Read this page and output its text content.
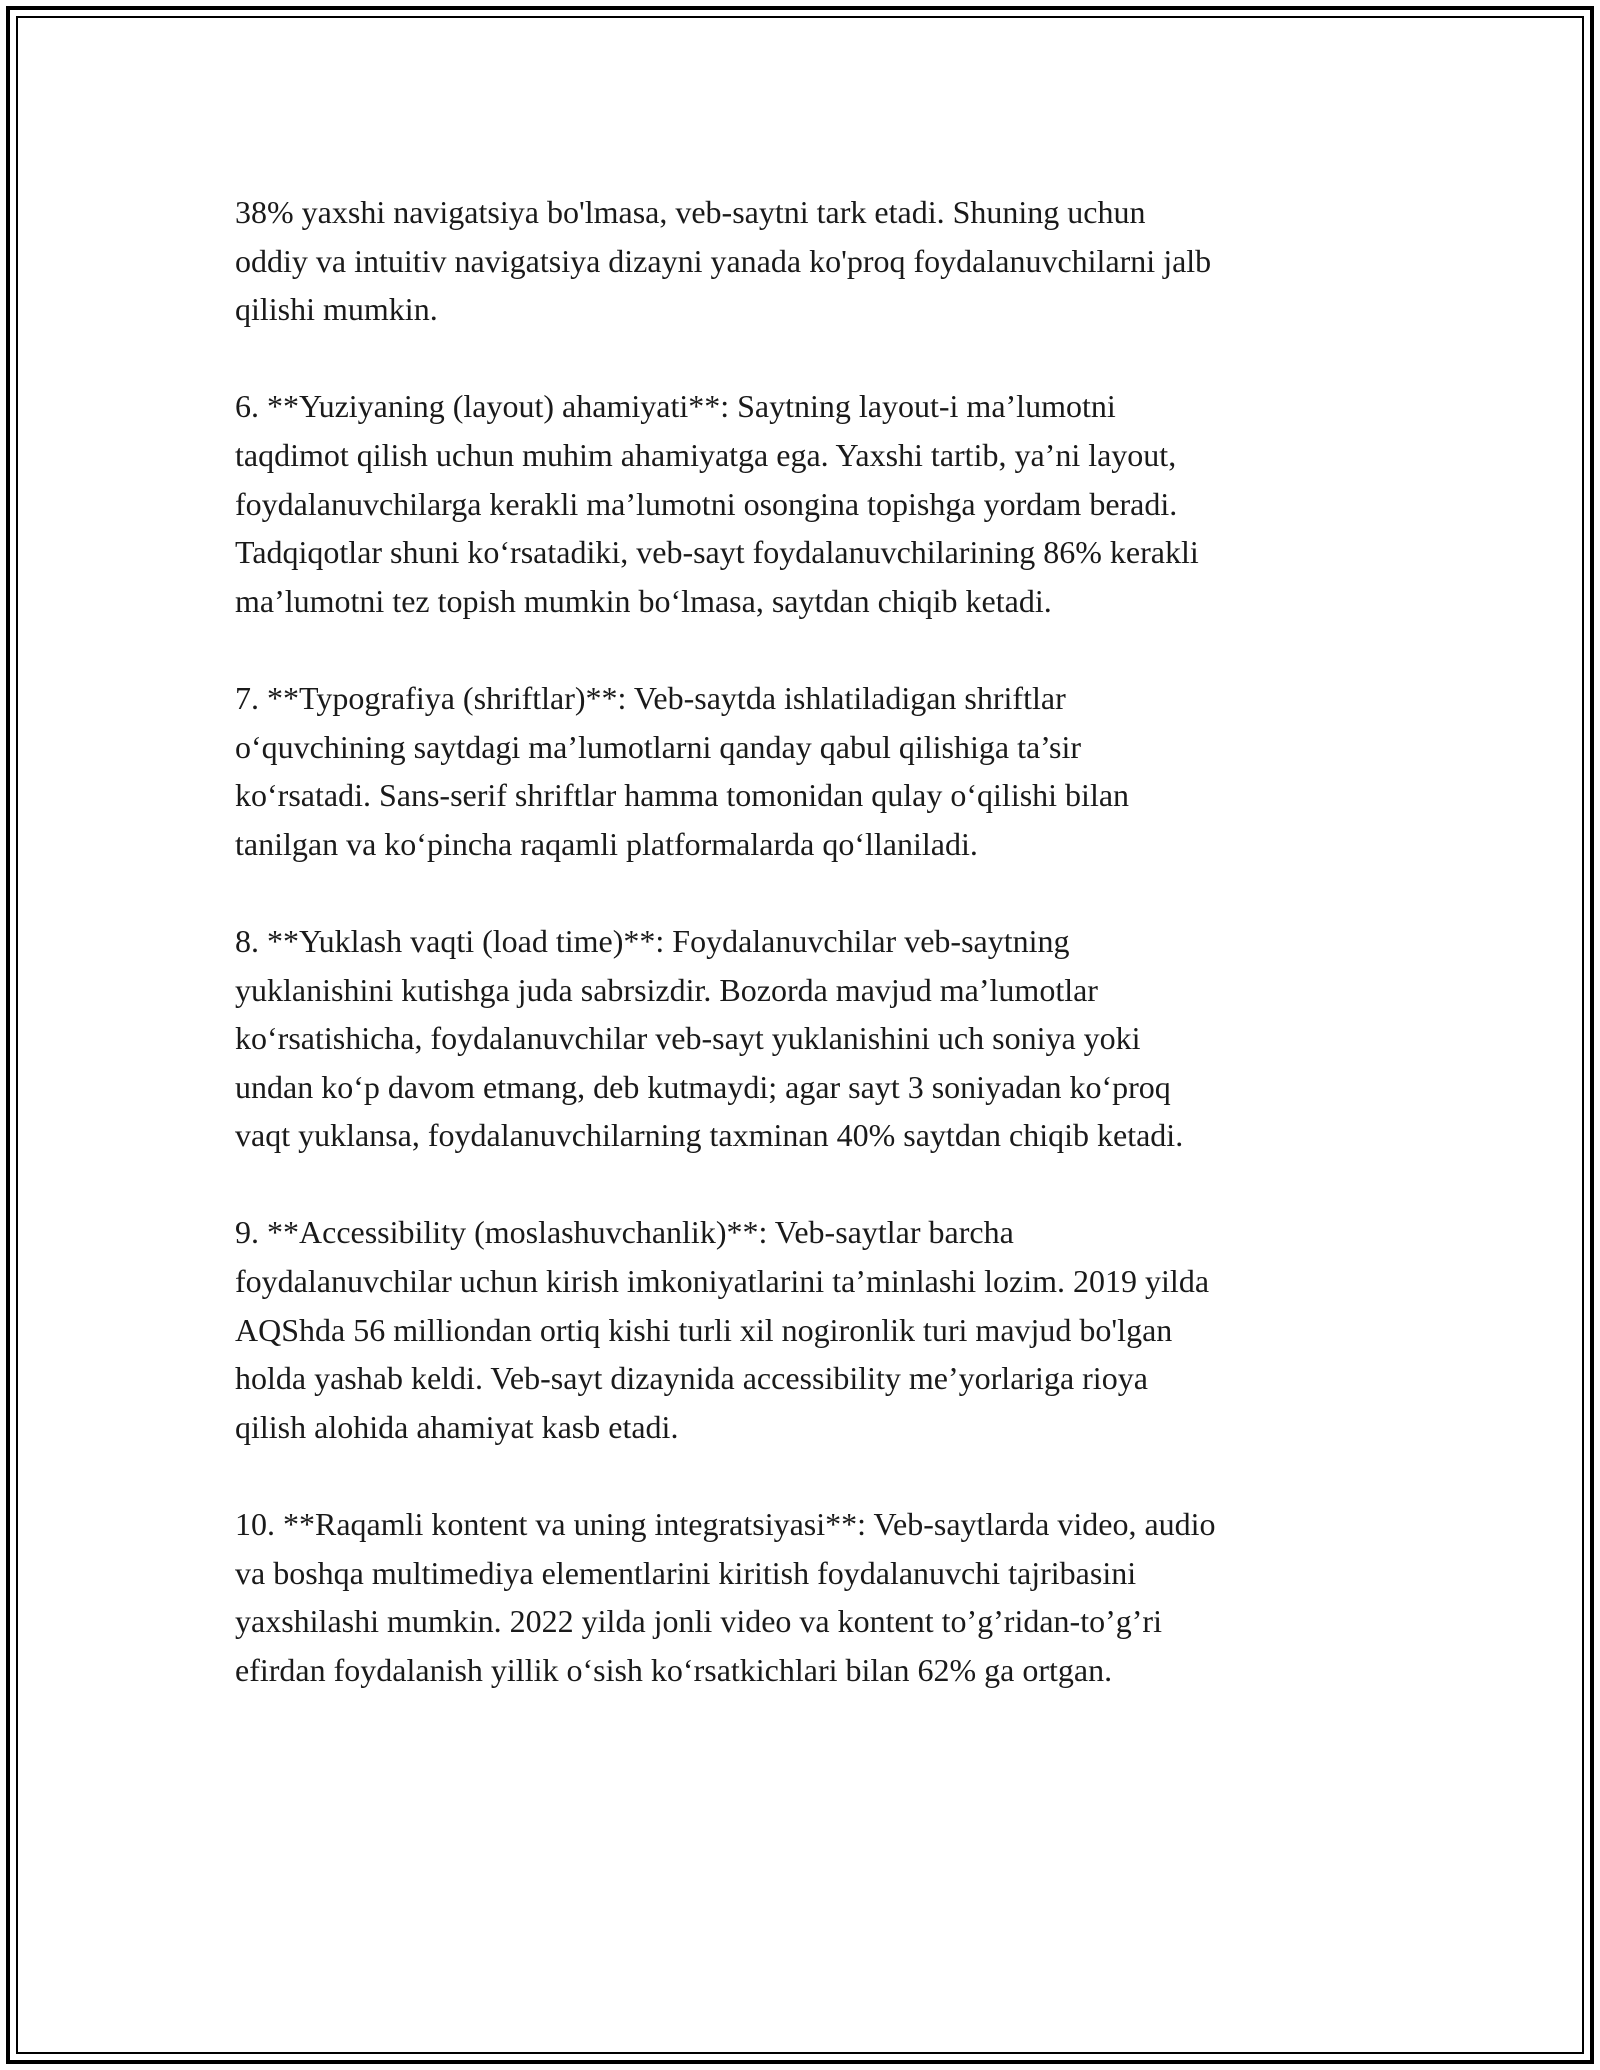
38% yaxshi navigatsiya bo'lmasa, veb-saytni tark etadi. Shuning uchun
oddiy va intuitiv navigatsiya dizayni yanada ko'proq foydalanuvchilarni jalb
qilishi mumkin.
6. **Yuziyaning (layout) ahamiyati**: Saytning layout-i ma’lumotni
taqdimot qilish uchun muhim ahamiyatga ega. Yaxshi tartib, ya’ni layout,
foydalanuvchilarga kerakli ma’lumotni osongina topishga yordam beradi.
Tadqiqotlar shuni ko‘rsatadiki, veb-sayt foydalanuvchilarining 86% kerakli
ma’lumotni tez topish mumkin bo‘lmasa, saytdan chiqib ketadi.
7. **Typografiya (shriftlar)**: Veb-saytda ishlatiladigan shriftlar
o‘quvchining saytdagi ma’lumotlarni qanday qabul qilishiga ta’sir
ko‘rsatadi. Sans-serif shriftlar hamma tomonidan qulay o‘qilishi bilan
tanilgan va ko‘pincha raqamli platformalarda qo‘llaniladi.
8. **Yuklash vaqti (load time)**: Foydalanuvchilar veb-saytning
yuklanishini kutishga juda sabrsizdir. Bozorda mavjud ma’lumotlar
ko‘rsatishicha, foydalanuvchilar veb-sayt yuklanishini uch soniya yoki
undan ko‘p davom etmang, deb kutmaydi; agar sayt 3 soniyadan ko‘proq
vaqt yuklansa, foydalanuvchilarning taxminan 40% saytdan chiqib ketadi.
9. **Accessibility (moslashuvchanlik)**: Veb-saytlar barcha
foydalanuvchilar uchun kirish imkoniyatlarini ta’minlashi lozim. 2019 yilda
AQShda 56 milliondan ortiq kishi turli xil nogironlik turi mavjud bo'lgan
holda yashab keldi. Veb-sayt dizaynida accessibility me’yorlariga rioya
qilish alohida ahamiyat kasb etadi.
10. **Raqamli kontent va uning integratsiyasi**: Veb-saytlarda video, audio
va boshqa multimediya elementlarini kiritish foydalanuvchi tajribasini
yaxshilashi mumkin. 2022 yilda jonli video va kontent to’g’ridan-to’g’ri
efirdan foydalanish yillik o‘sish ko‘rsatkichlari bilan 62% ga ortgan.
